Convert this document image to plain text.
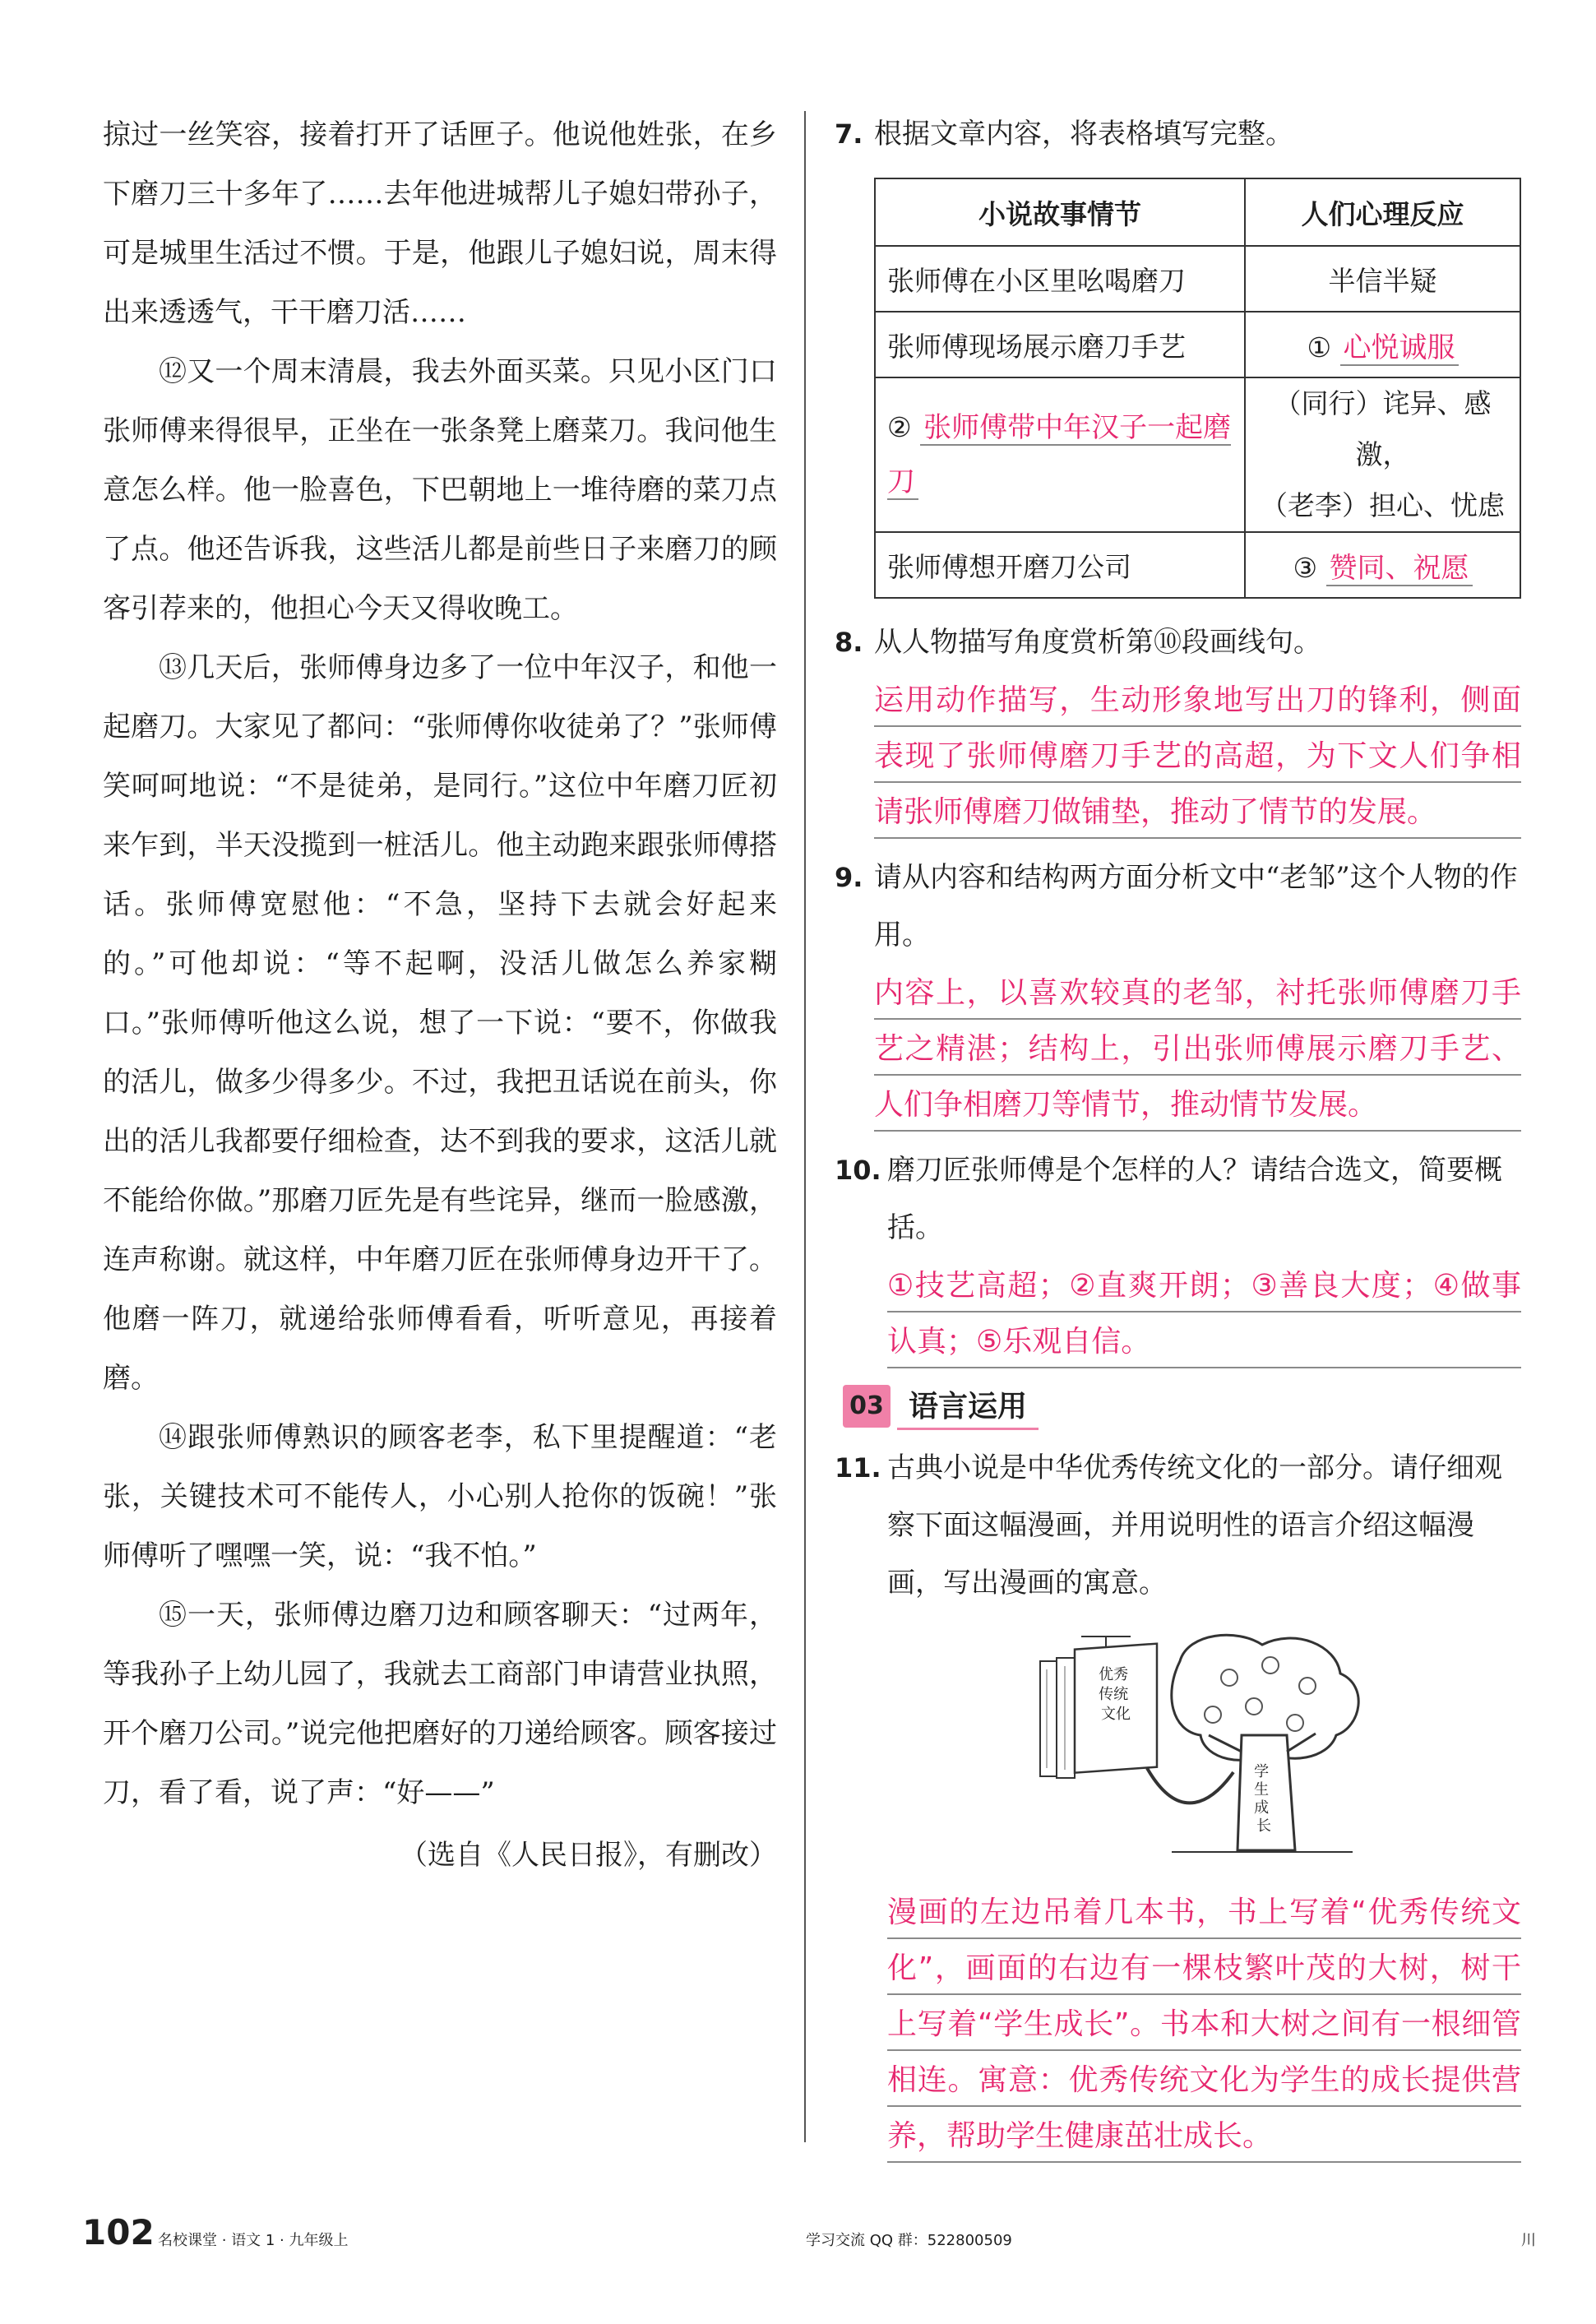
掠过一丝笑容，接着打开了话匣子。他说他姓张，在乡下磨刀三十多年了……去年他进城帮儿子媳妇带孙子，可是城里生活过不惯。于是，他跟儿子媳妇说，周末得出来透透气，干干磨刀活……

⑫又一个周末清晨，我去外面买菜。只见小区门口张师傅来得很早，正坐在一张条凳上磨菜刀。我问他生意怎么样。他一脸喜色，下巴朝地上一堆待磨的菜刀点了点。他还告诉我，这些活儿都是前些日子来磨刀的顾客引荐来的，他担心今天又得收晚工。

⑬几天后，张师傅身边多了一位中年汉子，和他一起磨刀。大家见了都问：“张师傅你收徒弟了？”张师傅笑呵呵地说：“不是徒弟，是同行。”这位中年磨刀匠初来乍到，半天没揽到一桩活儿。他主动跑来跟张师傅搭话。张师傅宽慰他：“不急，坚持下去就会好起来的。”可他却说：“等不起啊，没活儿做怎么养家糊口。”张师傅听他这么说，想了一下说：“要不，你做我的活儿，做多少得多少。不过，我把丑话说在前头，你出的活儿我都要仔细检查，达不到我的要求，这活儿就不能给你做。”那磨刀匠先是有些诧异，继而一脸感激，连声称谢。就这样，中年磨刀匠在张师傅身边开干了。他磨一阵刀，就递给张师傅看看，听听意见，再接着磨。

⑭跟张师傅熟识的顾客老李，私下里提醒道：“老张，关键技术可不能传人，小心别人抢你的饭碗！”张师傅听了嘿嘿一笑，说：“我不怕。”

⑮一天，张师傅边磨刀边和顾客聊天：“过两年，等我孙子上幼儿园了，我就去工商部门申请营业执照，开个磨刀公司。”说完他把磨好的刀递给顾客。顾客接过刀，看了看，说了声：“好——”

（选自《人民日报》，有删改）

7. 根据文章内容，将表格填写完整。

小说故事情节	人们心理反应
张师傅在小区里吆喝磨刀	半信半疑
张师傅现场展示磨刀手艺	① 心悦诚服
② 张师傅带中年汉子一起磨刀	（同行）诧异、感激，
（老李）担心、忧虑

张师傅想开磨刀公司	③ 赞同、祝愿

8. 从人物描写角度赏析第⑩段画线句。

运用动作描写，生动形象地写出刀的锋利，侧面表现了张师傅磨刀手艺的高超，为下文人们争相请张师傅磨刀做铺垫，推动了情节的发展。

9. 请从内容和结构两方面分析文中“老邹”这个人物的作用。

内容上，以喜欢较真的老邹，衬托张师傅磨刀手艺之精湛；结构上，引出张师傅展示磨刀手艺、人们争相磨刀等情节，推动情节发展。

10. 磨刀匠张师傅是个怎样的人？请结合选文，简要概括。

①技艺高超；②直爽开朗；③善良大度；④做事认真；⑤乐观自信。
03 语言运用

11. 古典小说是中华优秀传统文化的一部分。请仔细观察下面这幅漫画，并用说明性的语言介绍这幅漫画，写出漫画的寓意。

优秀 传统 文化
学 生 成 长
漫画的左边吊着几本书，书上写着“优秀传统文化”，画面的右边有一棵枝繁叶茂的大树，树干上写着“学生成长”。书本和大树之间有一根细管相连。寓意：优秀传统文化为学生的成长提供营养，帮助学生健康茁壮成长。
102 名校课堂 · 语文 1 · 九年级上	学习交流 QQ 群：522800509	川
